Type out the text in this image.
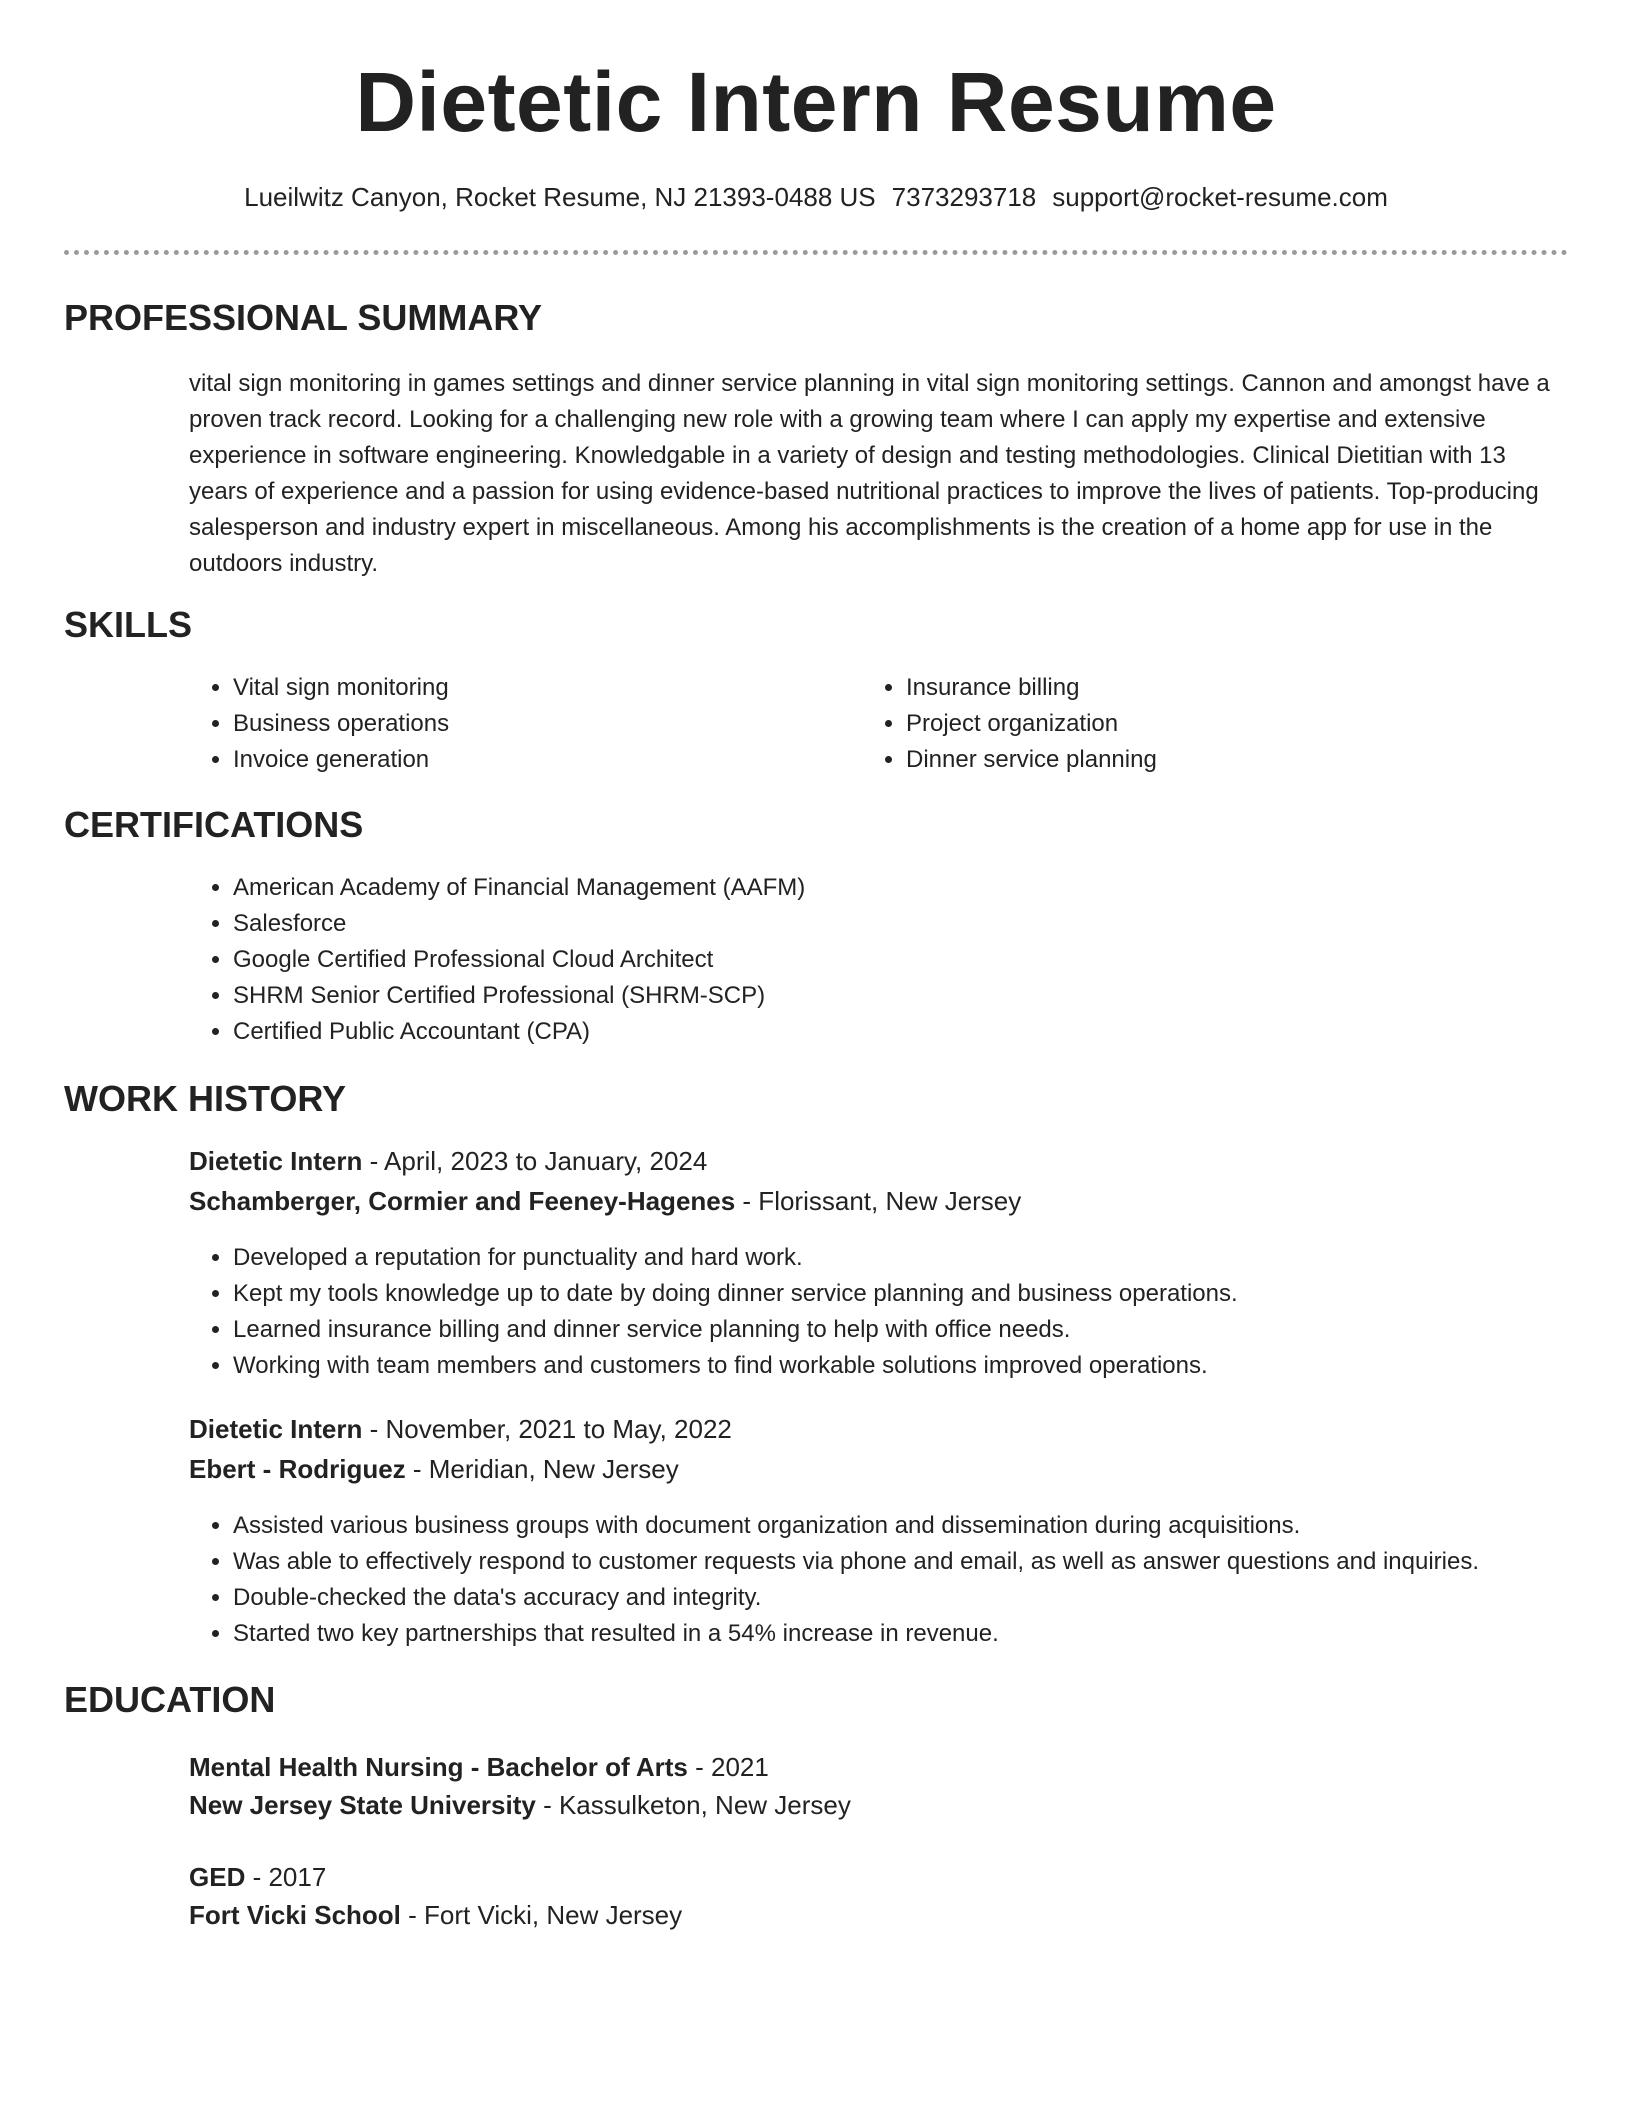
Dietetic Intern Resume
Lueilwitz Canyon, Rocket Resume, NJ 21393-0488 US 7373293718 support@rocket-resume.com
PROFESSIONAL SUMMARY
vital sign monitoring in games settings and dinner service planning in vital sign monitoring settings. Cannon and amongst have a proven track record. Looking for a challenging new role with a growing team where I can apply my expertise and extensive experience in software engineering. Knowledgable in a variety of design and testing methodologies. Clinical Dietitian with 13 years of experience and a passion for using evidence-based nutritional practices to improve the lives of patients. Top-producing salesperson and industry expert in miscellaneous. Among his accomplishments is the creation of a home app for use in the outdoors industry.
SKILLS
• Vital sign monitoring
• Business operations
• Invoice generation
• Insurance billing
• Project organization
• Dinner service planning
CERTIFICATIONS
• American Academy of Financial Management (AAFM)
• Salesforce
• Google Certified Professional Cloud Architect
• SHRM Senior Certified Professional (SHRM-SCP)
• Certified Public Accountant (CPA)
WORK HISTORY
Dietetic Intern - April, 2023 to January, 2024
Schamberger, Cormier and Feeney-Hagenes - Florissant, New Jersey
• Developed a reputation for punctuality and hard work.
• Kept my tools knowledge up to date by doing dinner service planning and business operations.
• Learned insurance billing and dinner service planning to help with office needs.
• Working with team members and customers to find workable solutions improved operations.
Dietetic Intern - November, 2021 to May, 2022
Ebert - Rodriguez - Meridian, New Jersey
• Assisted various business groups with document organization and dissemination during acquisitions.
• Was able to effectively respond to customer requests via phone and email, as well as answer questions and inquiries.
• Double-checked the data's accuracy and integrity.
• Started two key partnerships that resulted in a 54% increase in revenue.
EDUCATION
Mental Health Nursing - Bachelor of Arts - 2021
New Jersey State University - Kassulketon, New Jersey
GED - 2017
Fort Vicki School - Fort Vicki, New Jersey
